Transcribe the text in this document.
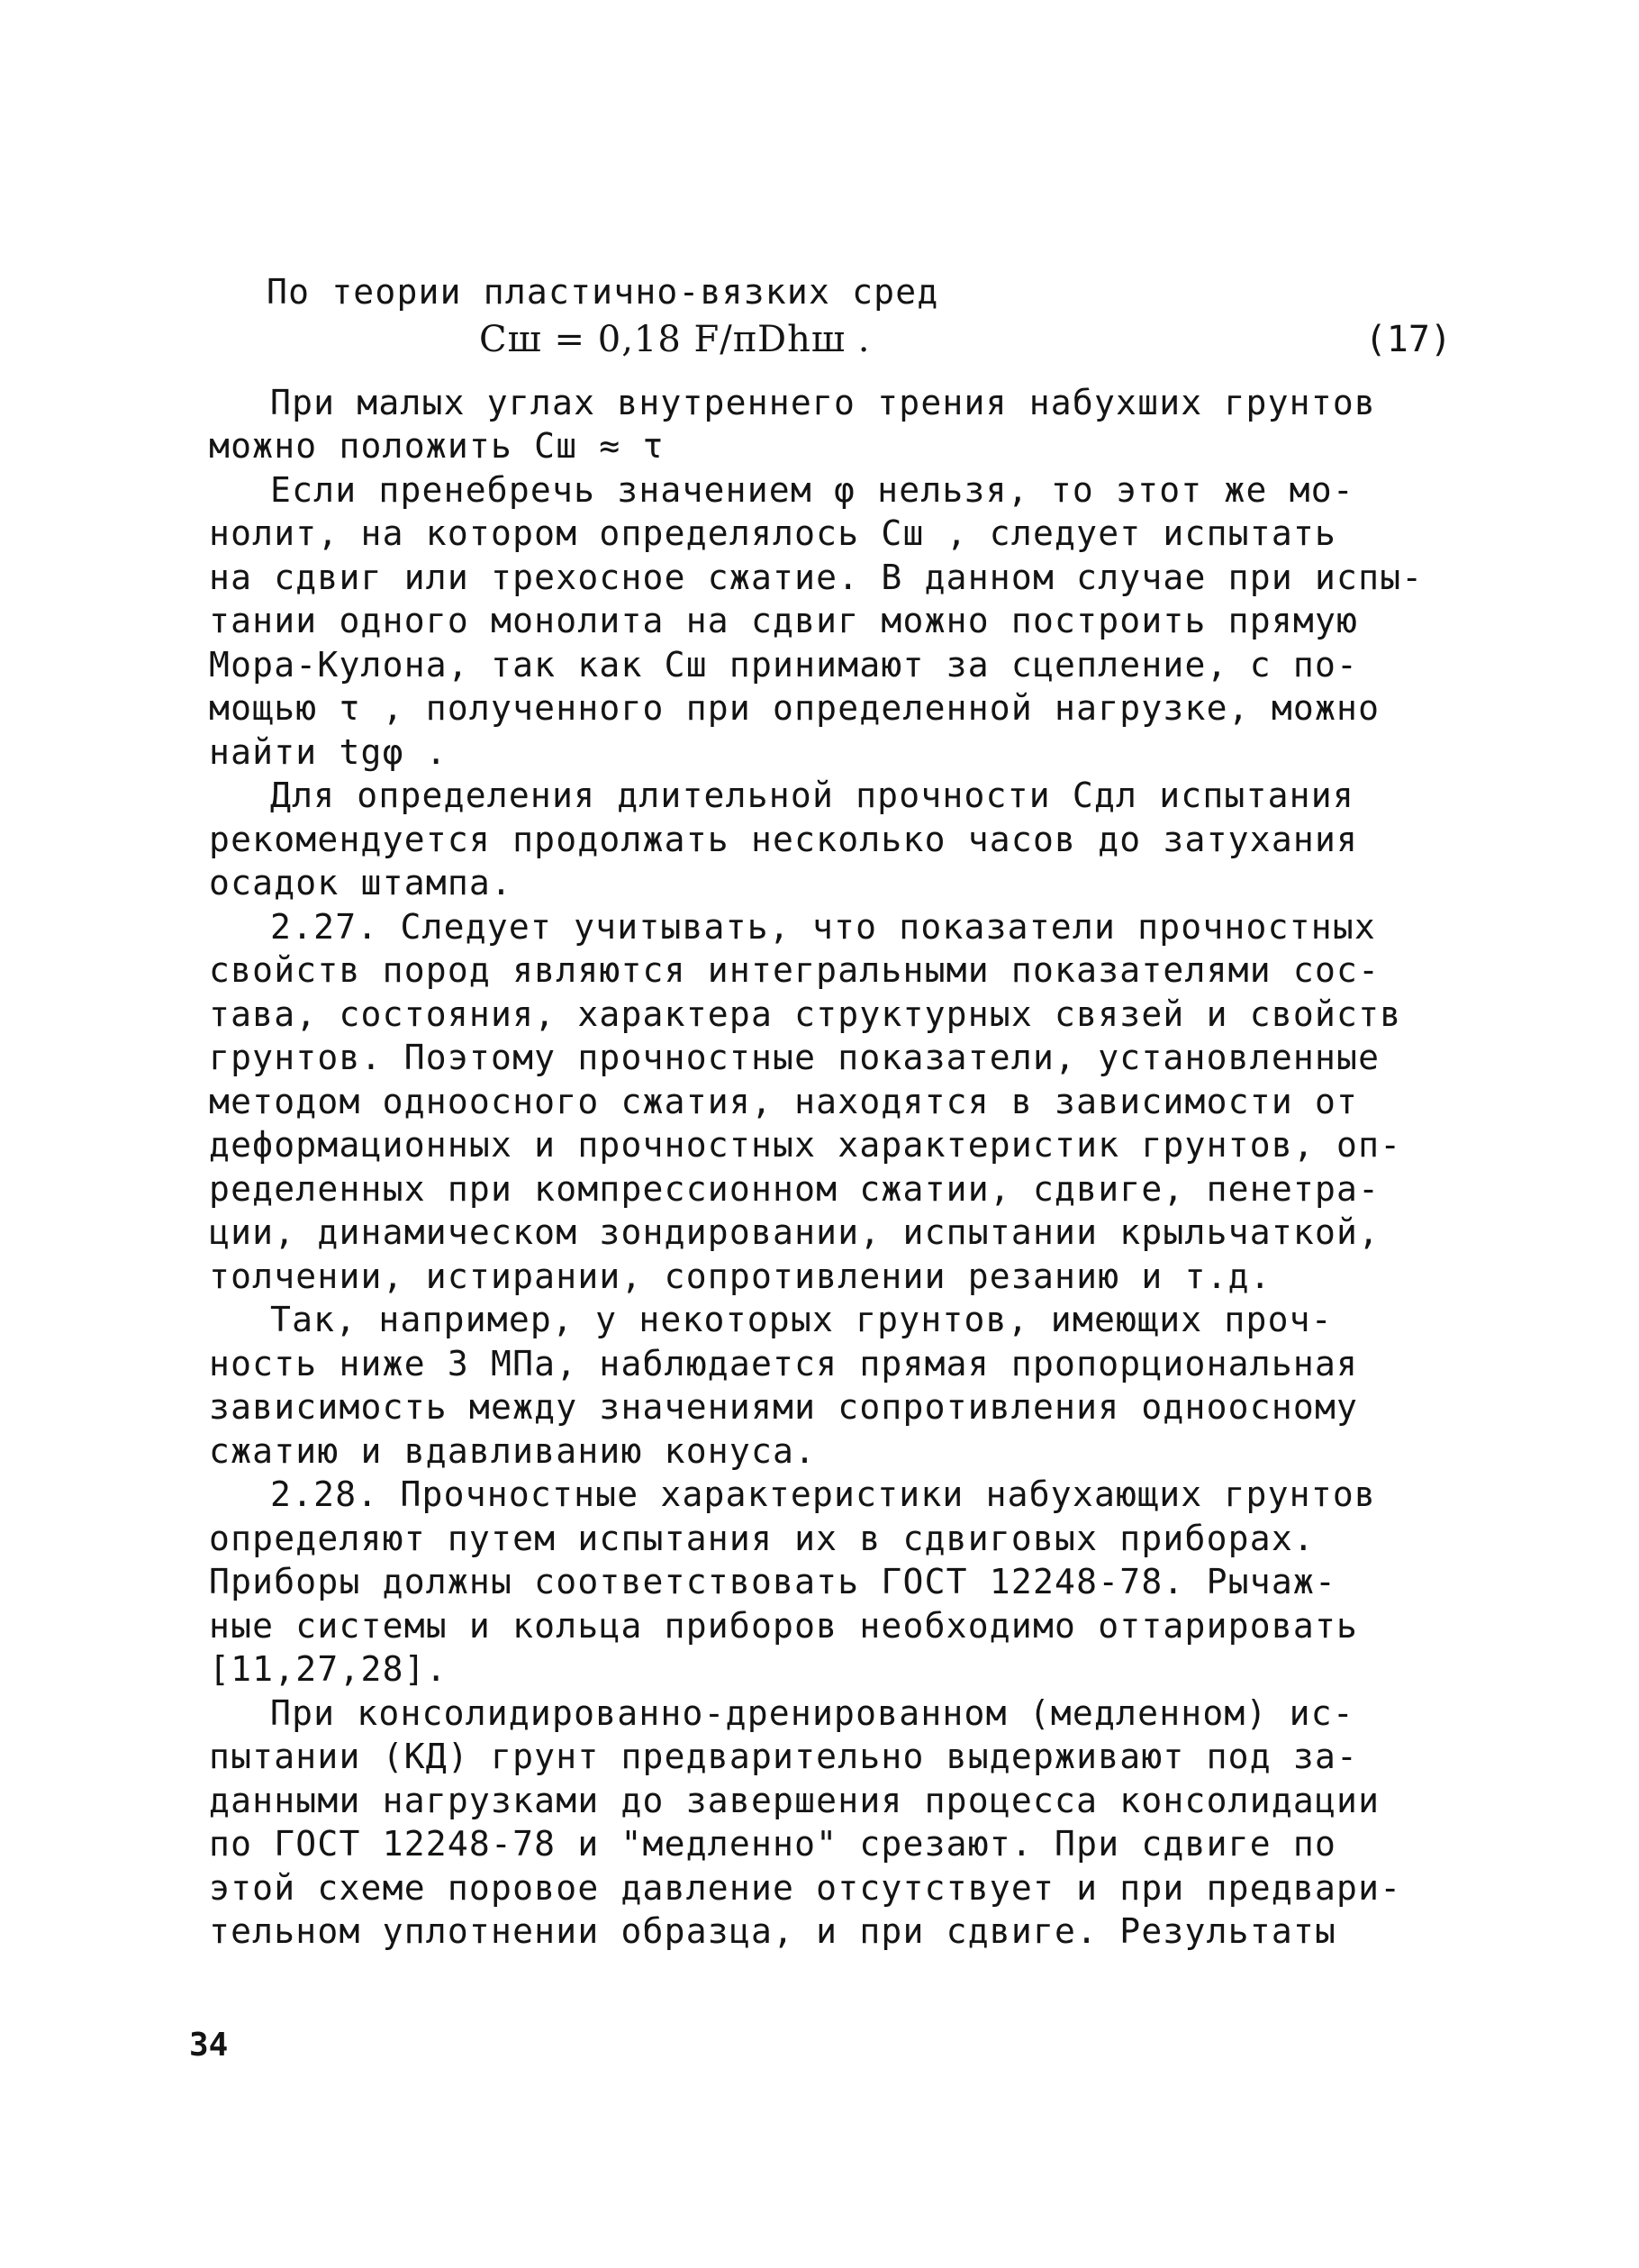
По теории пластично-вязких сред
Cш = 0,18 F/πDhш .	(17)
При малых углах внутреннего трения набухших грунтов
можно положить Cш ≈ τ
Если пренебречь значением φ нельзя, то этот же мо-
нолит, на котором определялось Cш , следует испытать
на сдвиг или трехосное сжатие. В данном случае при испы-
тании одного монолита на сдвиг можно построить прямую
Мора-Кулона, так как Cш принимают за сцепление, с по-
мощью τ , полученного при определенной нагрузке, можно
найти tgφ .
Для определения длительной прочности Cдл испытания
рекомендуется продолжать несколько часов до затухания
осадок штампа.
2.27. Следует учитывать, что показатели прочностных
свойств пород являются интегральными показателями сос-
тава, состояния, характера структурных связей и свойств
грунтов. Поэтому прочностные показатели, установленные
методом одноосного сжатия, находятся в зависимости от
деформационных и прочностных характеристик грунтов, оп-
ределенных при компрессионном сжатии, сдвиге, пенетра-
ции, динамическом зондировании, испытании крыльчаткой,
толчении, истирании, сопротивлении резанию и т.д.
Так, например, у некоторых грунтов, имеющих проч-
ность ниже 3 МПа, наблюдается прямая пропорциональная
зависимость между значениями сопротивления одноосному
сжатию и вдавливанию конуса.
2.28. Прочностные характеристики набухающих грунтов
определяют путем испытания их в сдвиговых приборах.
Приборы должны соответствовать ГОСТ 12248-78. Рычаж-
ные системы и кольца приборов необходимо оттарировать
[11,27,28].
При консолидированно-дренированном (медленном) ис-
пытании (КД) грунт предварительно выдерживают под за-
данными нагрузками до завершения процесса консолидации
по ГОСТ 12248-78 и "медленно" срезают. При сдвиге по
этой схеме поровое давление отсутствует и при предвари-
тельном уплотнении образца, и при сдвиге. Результаты
34
